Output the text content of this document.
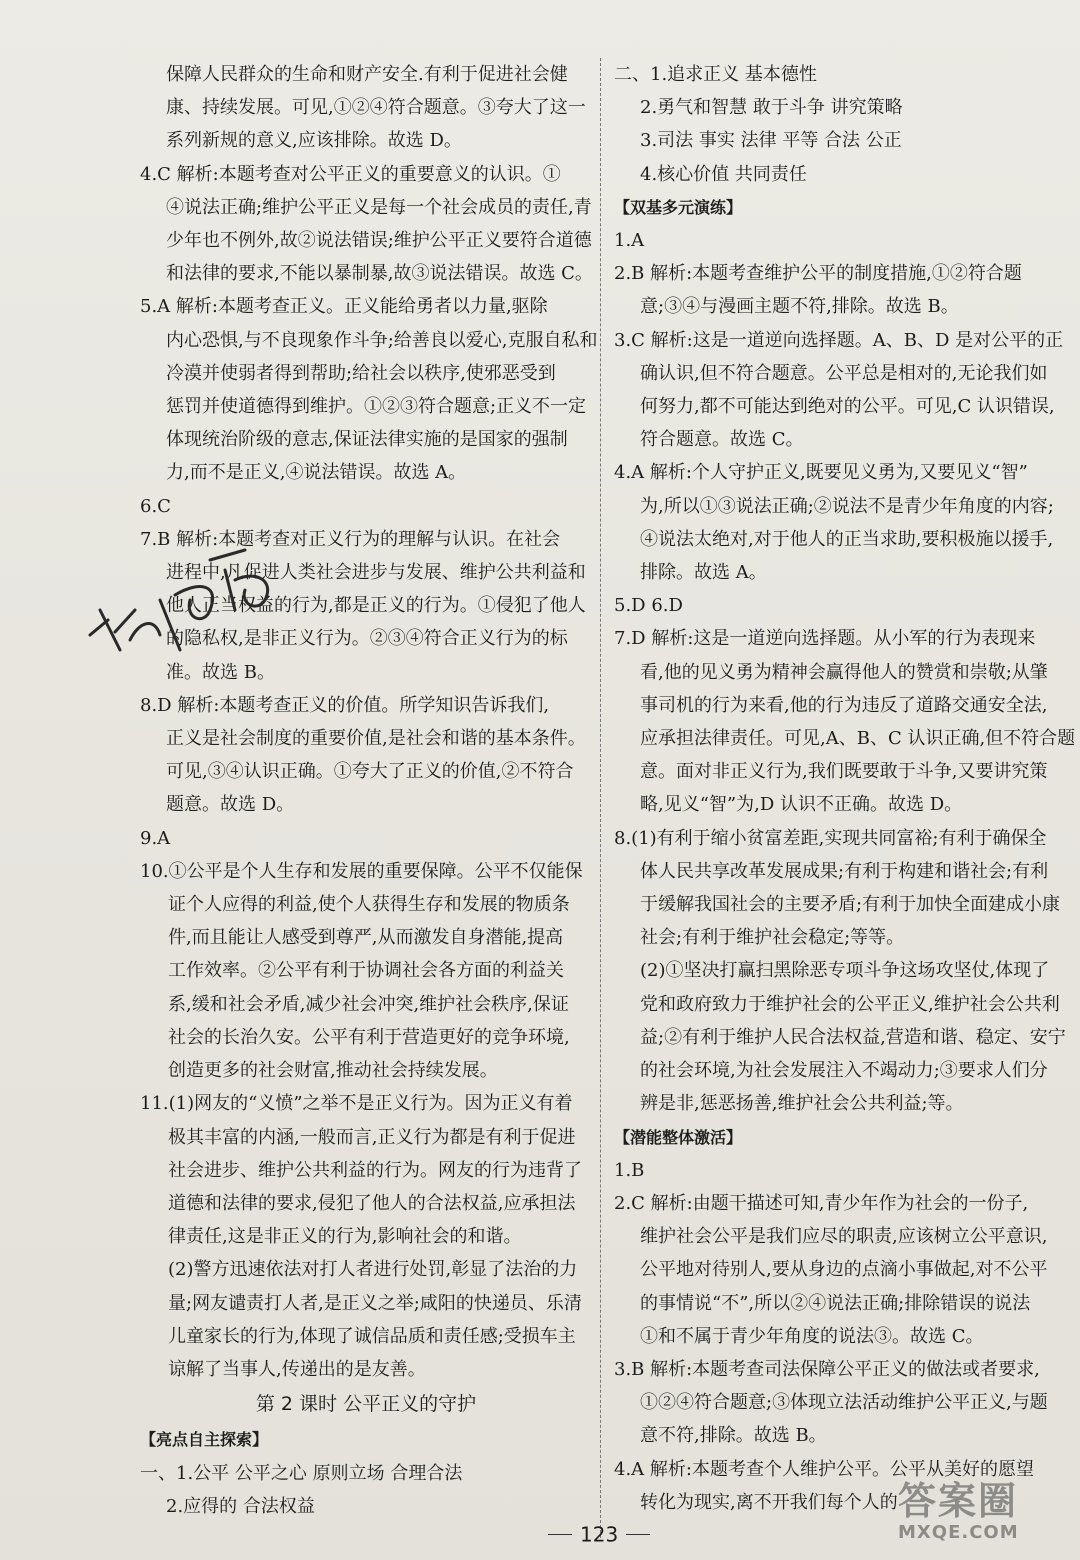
保障人民群众的生命和财产安全.有利于促进社会健
康、持续发展。可见,①②④符合题意。③夸大了这一
系列新规的意义,应该排除。故选 D。
4.C 解析:本题考查对公平正义的重要意义的认识。①
④说法正确;维护公平正义是每一个社会成员的责任,青
少年也不例外,故②说法错误;维护公平正义要符合道德
和法律的要求,不能以暴制暴,故③说法错误。故选 C。
5.A 解析:本题考查正义。正义能给勇者以力量,驱除
内心恐惧,与不良现象作斗争;给善良以爱心,克服自私和
冷漠并使弱者得到帮助;给社会以秩序,使邪恶受到
惩罚并使道德得到维护。①②③符合题意;正义不一定
体现统治阶级的意志,保证法律实施的是国家的强制
力,而不是正义,④说法错误。故选 A。
6.C
7.B 解析:本题考查对正义行为的理解与认识。在社会
进程中,凡促进人类社会进步与发展、维护公共利益和
他人正当权益的行为,都是正义的行为。①侵犯了他人
的隐私权,是非正义行为。②③④符合正义行为的标
准。故选 B。
8.D 解析:本题考查正义的价值。所学知识告诉我们,
正义是社会制度的重要价值,是社会和谐的基本条件。
可见,③④认识正确。①夸大了正义的价值,②不符合
题意。故选 D。
9.A
10.①公平是个人生存和发展的重要保障。公平不仅能保
证个人应得的利益,使个人获得生存和发展的物质条
件,而且能让人感受到尊严,从而激发自身潜能,提高
工作效率。②公平有利于协调社会各方面的利益关
系,缓和社会矛盾,减少社会冲突,维护社会秩序,保证
社会的长治久安。公平有利于营造更好的竞争环境,
创造更多的社会财富,推动社会持续发展。
11.(1)网友的“义愤”之举不是正义行为。因为正义有着
极其丰富的内涵,一般而言,正义行为都是有利于促进
社会进步、维护公共利益的行为。网友的行为违背了
道德和法律的要求,侵犯了他人的合法权益,应承担法
律责任,这是非正义的行为,影响社会的和谐。
(2)警方迅速依法对打人者进行处罚,彰显了法治的力
量;网友谴责打人者,是正义之举;咸阳的快递员、乐清
儿童家长的行为,体现了诚信品质和责任感;受损车主
谅解了当事人,传递出的是友善。
第 2 课时 公平正义的守护
【亮点自主探索】
一、1.公平 公平之心 原则立场 合理合法
2.应得的 合法权益
二、1.追求正义 基本德性
2.勇气和智慧 敢于斗争 讲究策略
3.司法 事实 法律 平等 合法 公正
4.核心价值 共同责任
【双基多元演练】
1.A
2.B 解析:本题考查维护公平的制度措施,①②符合题
意;③④与漫画主题不符,排除。故选 B。
3.C 解析:这是一道逆向选择题。A、B、D 是对公平的正
确认识,但不符合题意。公平总是相对的,无论我们如
何努力,都不可能达到绝对的公平。可见,C 认识错误,
符合题意。故选 C。
4.A 解析:个人守护正义,既要见义勇为,又要见义“智”
为,所以①③说法正确;②说法不是青少年角度的内容;
④说法太绝对,对于他人的正当求助,要积极施以援手,
排除。故选 A。
5.D 6.D
7.D 解析:这是一道逆向选择题。从小军的行为表现来
看,他的见义勇为精神会赢得他人的赞赏和崇敬;从肇
事司机的行为来看,他的行为违反了道路交通安全法,
应承担法律责任。可见,A、B、C 认识正确,但不符合题
意。面对非正义行为,我们既要敢于斗争,又要讲究策
略,见义“智”为,D 认识不正确。故选 D。
8.(1)有利于缩小贫富差距,实现共同富裕;有利于确保全
体人民共享改革发展成果;有利于构建和谐社会;有利
于缓解我国社会的主要矛盾;有利于加快全面建成小康
社会;有利于维护社会稳定;等等。
(2)①坚决打赢扫黑除恶专项斗争这场攻坚仗,体现了
党和政府致力于维护社会的公平正义,维护社会公共利
益;②有利于维护人民合法权益,营造和谐、稳定、安宁
的社会环境,为社会发展注入不竭动力;③要求人们分
辨是非,惩恶扬善,维护社会公共利益;等。
【潜能整体激活】
1.B
2.C 解析:由题干描述可知,青少年作为社会的一份子,
维护社会公平是我们应尽的职责,应该树立公平意识,
公平地对待别人,要从身边的点滴小事做起,对不公平
的事情说“不”,所以②④说法正确;排除错误的说法
①和不属于青少年角度的说法③。故选 C。
3.B 解析:本题考查司法保障公平正义的做法或者要求,
①②④符合题意;③体现立法活动维护公平正义,与题
意不符,排除。故选 B。
4.A 解析:本题考查个人维护公平。公平从美好的愿望
转化为现实,离不开我们每个人的
123
答案圈
MXQE.COM
